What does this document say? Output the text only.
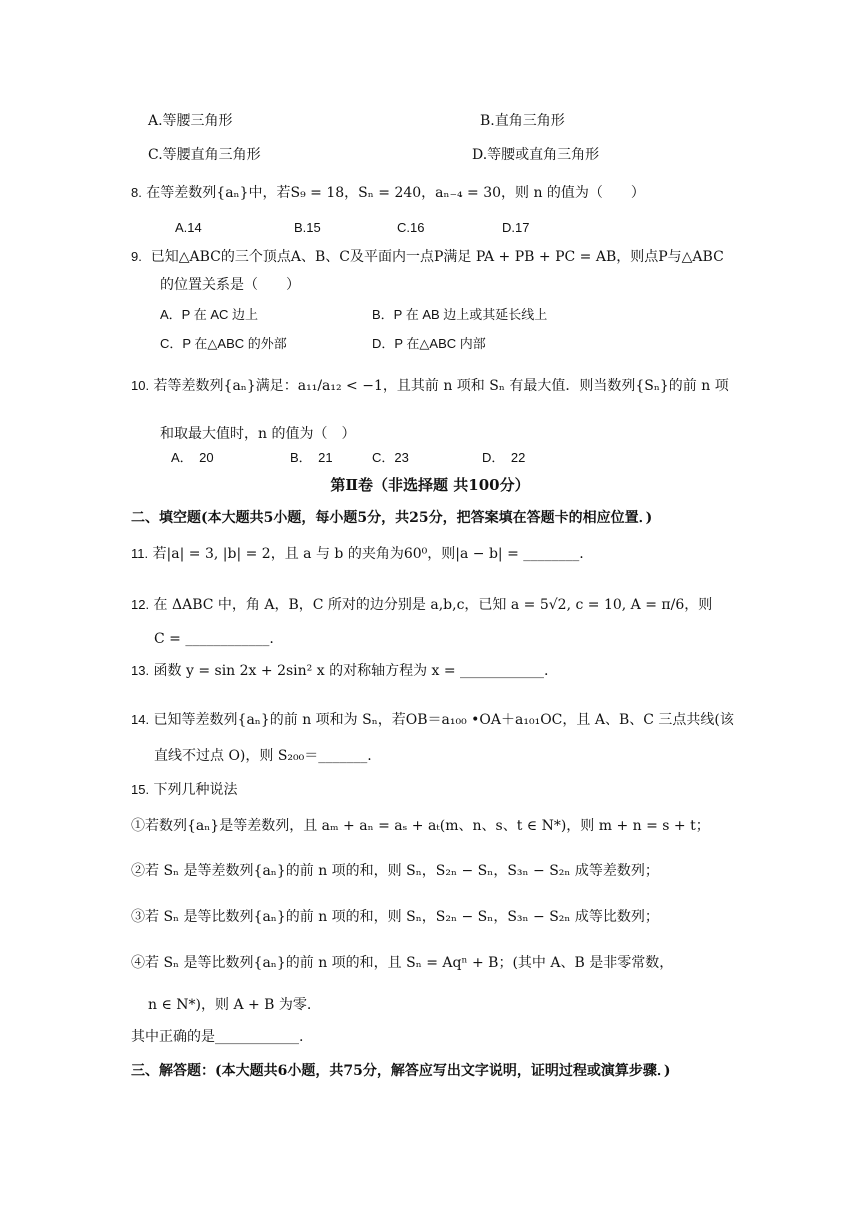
A.等腰三角形	B.直角三角形
C.等腰直角三角形	D.等腰或直角三角形
8. 在等差数列{aₙ}中，若S₉ = 18，Sₙ = 240，aₙ₋₄ = 30，则 n 的值为（　　）
A.14	B.15	C.16	D.17
9. 已知△ABC的三个顶点A、B、C及平面内一点P满足 PA + PB + PC = AB，则点P与△ABC
的位置关系是（　　）
A．P 在 AC 边上	B．P 在 AB 边上或其延长线上
C．P 在△ABC 的外部	D．P 在△ABC 内部
10. 若等差数列{aₙ}满足：a₁₁/a₁₂ < −1，且其前 n 项和 Sₙ 有最大值．则当数列{Sₙ}的前 n 项
和取最大值时，n 的值为（　）
A．　20	B．　21	C．23	D．　22
第Ⅱ卷（非选择题 共100分）
二、填空题(本大题共5小题，每小题5分，共25分，把答案填在答题卡的相应位置．)
11. 若|a| = 3, |b| = 2，且 a 与 b 的夹角为60⁰，则|a − b| = ________.
12. 在 ΔABC 中，角 A，B，C 所对的边分别是 a,b,c，已知 a = 5√2, c = 10, A = π/6，则
C = ____________.
13. 函数 y = sin 2x + 2sin² x 的对称轴方程为 x = ____________.
14. 已知等差数列{aₙ}的前 n 项和为 Sₙ，若OB＝a₁₀₀ •OA＋a₁₀₁OC，且 A、B、C 三点共线(该
直线不过点 O)，则 S₂₀₀＝_______.
15. 下列几种说法
①若数列{aₙ}是等差数列，且 aₘ + aₙ = aₛ + aₜ(m、n、s、t ∈ N*)，则 m + n = s + t；
②若 Sₙ 是等差数列{aₙ}的前 n 项的和，则 Sₙ，S₂ₙ − Sₙ，S₃ₙ − S₂ₙ 成等差数列；
③若 Sₙ 是等比数列{aₙ}的前 n 项的和，则 Sₙ，S₂ₙ − Sₙ，S₃ₙ − S₂ₙ 成等比数列；
④若 Sₙ 是等比数列{aₙ}的前 n 项的和，且 Sₙ = Aqⁿ + B；(其中 A、B 是非零常数，
n ∈ N*)，则 A + B 为零.
其中正确的是____________.
三、解答题：(本大题共6小题，共75分，解答应写出文字说明，证明过程或演算步骤．)
